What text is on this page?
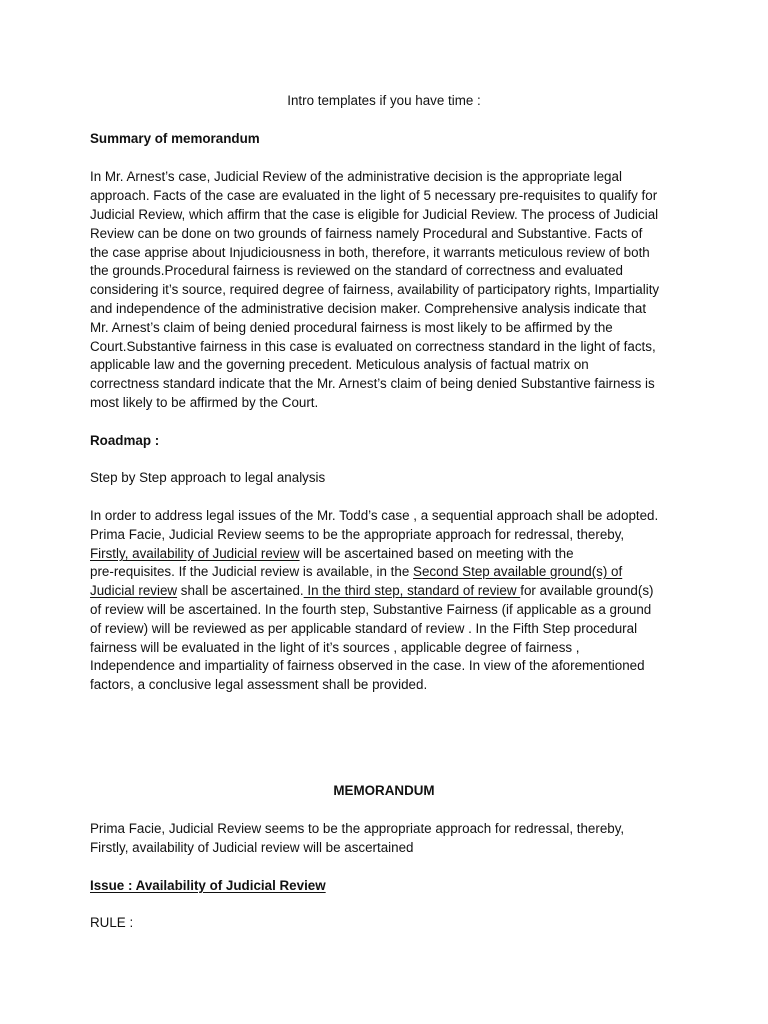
Intro templates if you have time :
Summary of memorandum
In Mr. Arnest’s case, Judicial Review of the administrative decision is the appropriate legal
approach. Facts of the case are evaluated in the light of 5 necessary pre-requisites to qualify for
Judicial Review, which affirm that the case is eligible for Judicial Review. The process of Judicial
Review can be done on two grounds of fairness namely Procedural and Substantive. Facts of
the case apprise about Injudiciousness in both, therefore, it warrants meticulous review of both
the grounds.Procedural fairness is reviewed on the standard of correctness and evaluated
considering it’s source, required degree of fairness, availability of participatory rights, Impartiality
and independence of the administrative decision maker. Comprehensive analysis indicate that
Mr. Arnest’s claim of being denied procedural fairness is most likely to be affirmed by the
Court.Substantive fairness in this case is evaluated on correctness standard in the light of facts,
applicable law and the governing precedent. Meticulous analysis of factual matrix on
correctness standard indicate that the Mr. Arnest’s claim of being denied Substantive fairness is
most likely to be affirmed by the Court.
Roadmap :
Step by Step approach to legal analysis
In order to address legal issues of the Mr. Todd’s case , a sequential approach shall be adopted.
Prima Facie, Judicial Review seems to be the appropriate approach for redressal, thereby,
Firstly, availability of Judicial review will be ascertained based on meeting with the
pre-requisites. If the Judicial review is available, in the Second Step available ground(s) of
Judicial review shall be ascertained. In the third step, standard of review for available ground(s)
of review will be ascertained. In the fourth step, Substantive Fairness (if applicable as a ground
of review) will be reviewed as per applicable standard of review . In the Fifth Step procedural
fairness will be evaluated in the light of it’s sources , applicable degree of fairness ,
Independence and impartiality of fairness observed in the case. In view of the aforementioned
factors, a conclusive legal assessment shall be provided.
MEMORANDUM
Prima Facie, Judicial Review seems to be the appropriate approach for redressal, thereby,
Firstly, availability of Judicial review will be ascertained
Issue : Availability of Judicial Review
RULE :
